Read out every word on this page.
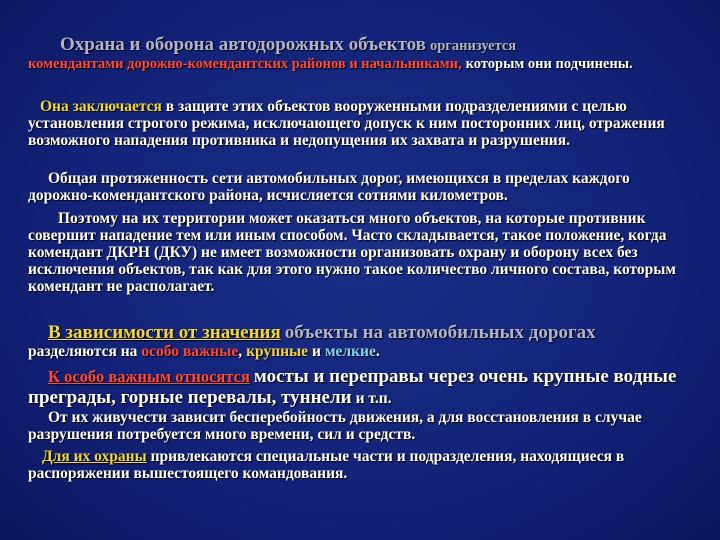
Охрана и оборона автодорожных объектов организуется
комендантами дорожно-комендантских районов и начальниками, которым они подчинены.
Она заключается в защите этих объектов вооруженными подразделениями с целью установления строгого режима, исключающего допуск к ним посторонних лиц, отражения возможного нападения противника и недопущения их захвата и разрушения.
Общая протяженность сети автомобильных дорог, имеющихся в пределах каждого дорожно-комендантского района, исчисляется сотнями километров.
Поэтому на их территории может оказаться много объектов, на которые противник совершит нападение тем или иным способом. Часто складывается, такое положение, когда комендант ДКРН (ДКУ) не имеет возможности организовать охрану и оборону всех без исключения объектов, так как для этого нужно такое количество личного состава, которым комендант не располагает.
В зависимости от значения объекты на автомобильных дорогах
разделяются на особо важные, крупные и мелкие.
К особо важным относятся мосты и переправы через очень крупные водные преграды, горные перевалы, туннели и т.п.
От их живучести зависит бесперебойность движения, а для восстановления в случае разрушения потребуется много времени, сил и средств.
Для их охраны привлекаются специальные части и подразделения, находящиеся в распоряжении вышестоящего командования.
